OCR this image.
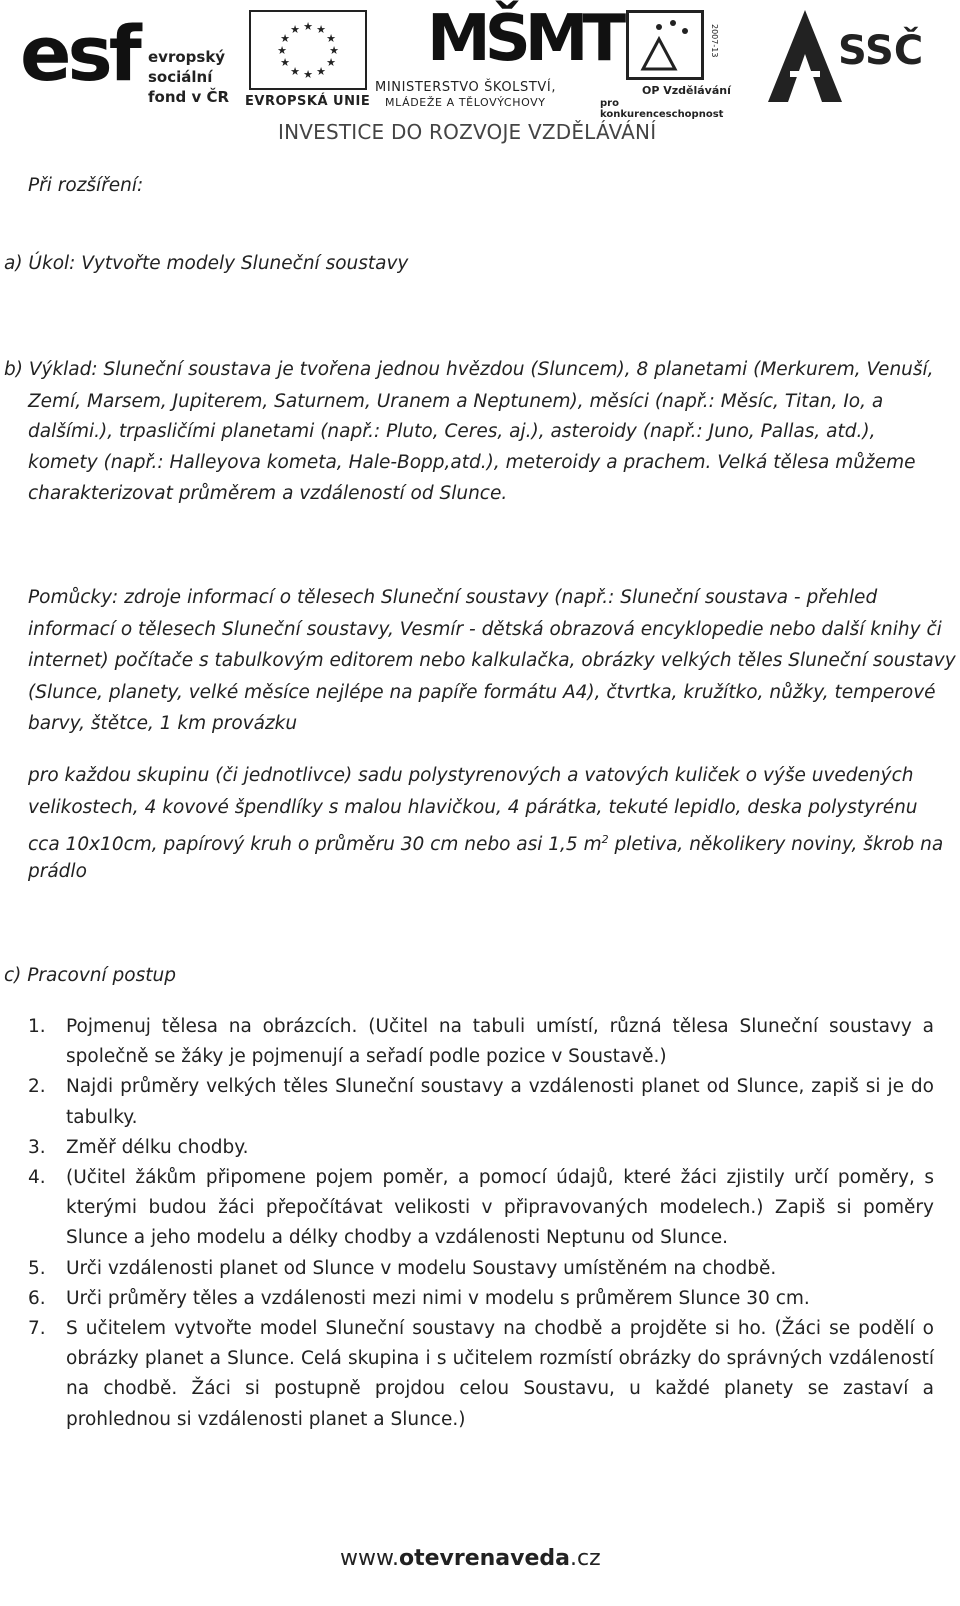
esf evropský
sociální
fond v ČR
★ ★
★
★
★
★
★
★
★
★
★
★
EVROPSKÁ UNIE
MŠMT
MINISTERSTVO ŠKOLSTVÍ,
MLÁDEŽE A TĚLOVÝCHOVY
2007-13
OP Vzdělávání
pro konkurenceschopnost
SSČ
INVESTICE DO ROZVOJE VZDĚLÁVÁNÍ

Při rozšíření:

a) Úkol: Vytvořte modely Sluneční soustavy

b) Výklad: Sluneční soustava je tvořena jednou hvězdou (Sluncem), 8 planetami (Merkurem, Venuší,

Zemí, Marsem, Jupiterem, Saturnem, Uranem a Neptunem), měsíci (např.: Měsíc, Titan, Io, a

dalšími.), trpasličími planetami (např.: Pluto, Ceres, aj.), asteroidy (např.: Juno, Pallas, atd.),

komety (např.: Halleyova kometa, Hale-Bopp,atd.), meteroidy a prachem. Velká tělesa můžeme

charakterizovat průměrem a vzdáleností od Slunce.

Pomůcky: zdroje informací o tělesech Sluneční soustavy (např.: Sluneční soustava - přehled

informací o tělesech Sluneční soustavy, Vesmír - dětská obrazová encyklopedie nebo další knihy či

internet) počítače s tabulkovým editorem nebo kalkulačka, obrázky velkých těles Sluneční soustavy

(Slunce, planety, velké měsíce nejlépe na papíře formátu A4), čtvrtka, kružítko, nůžky, temperové

barvy, štětce, 1 km provázku

pro každou skupinu (či jednotlivce) sadu polystyrenových a vatových kuliček o výše uvedených

velikostech, 4 kovové špendlíky s malou hlavičkou, 4 párátka, tekuté lepidlo, deska polystyrénu

cca 10x10cm, papírový kruh o průměru 30 cm nebo asi 1,5 $m^2$ pletiva, několikery noviny, škrob na

prádlo

c) Pracovní postup

1. Pojmenuj tělesa na obrázcích. (Učitel na tabuli umístí, různá tělesa Sluneční soustavy a společně se žáky je pojmenují a seřadí podle pozice v Soustavě.)
2. Najdi průměry velkých těles Sluneční soustavy a vzdálenosti planet od Slunce, zapiš si je do tabulky.
3. Změř délku chodby.
4. (Učitel žákům připomene pojem poměr, a pomocí údajů, které žáci zjistily určí poměry, s kterými budou žáci přepočítávat velikosti v připravovaných modelech.) Zapiš si poměry Slunce a jeho modelu a délky chodby a vzdálenosti Neptunu od Slunce.
5. Urči vzdálenosti planet od Slunce v modelu Soustavy umístěném na chodbě.
6. Urči průměry těles a vzdálenosti mezi nimi v modelu s průměrem Slunce 30 cm.
7. S učitelem vytvořte model Sluneční soustavy na chodbě a projděte si ho. (Žáci se podělí o obrázky planet a Slunce. Celá skupina i s učitelem rozmístí obrázky do správných vzdáleností na chodbě. Žáci si postupně projdou celou Soustavu, u každé planety se zastaví a prohlednou si vzdálenosti planet a Slunce.)
www.otevrenaveda.cz
